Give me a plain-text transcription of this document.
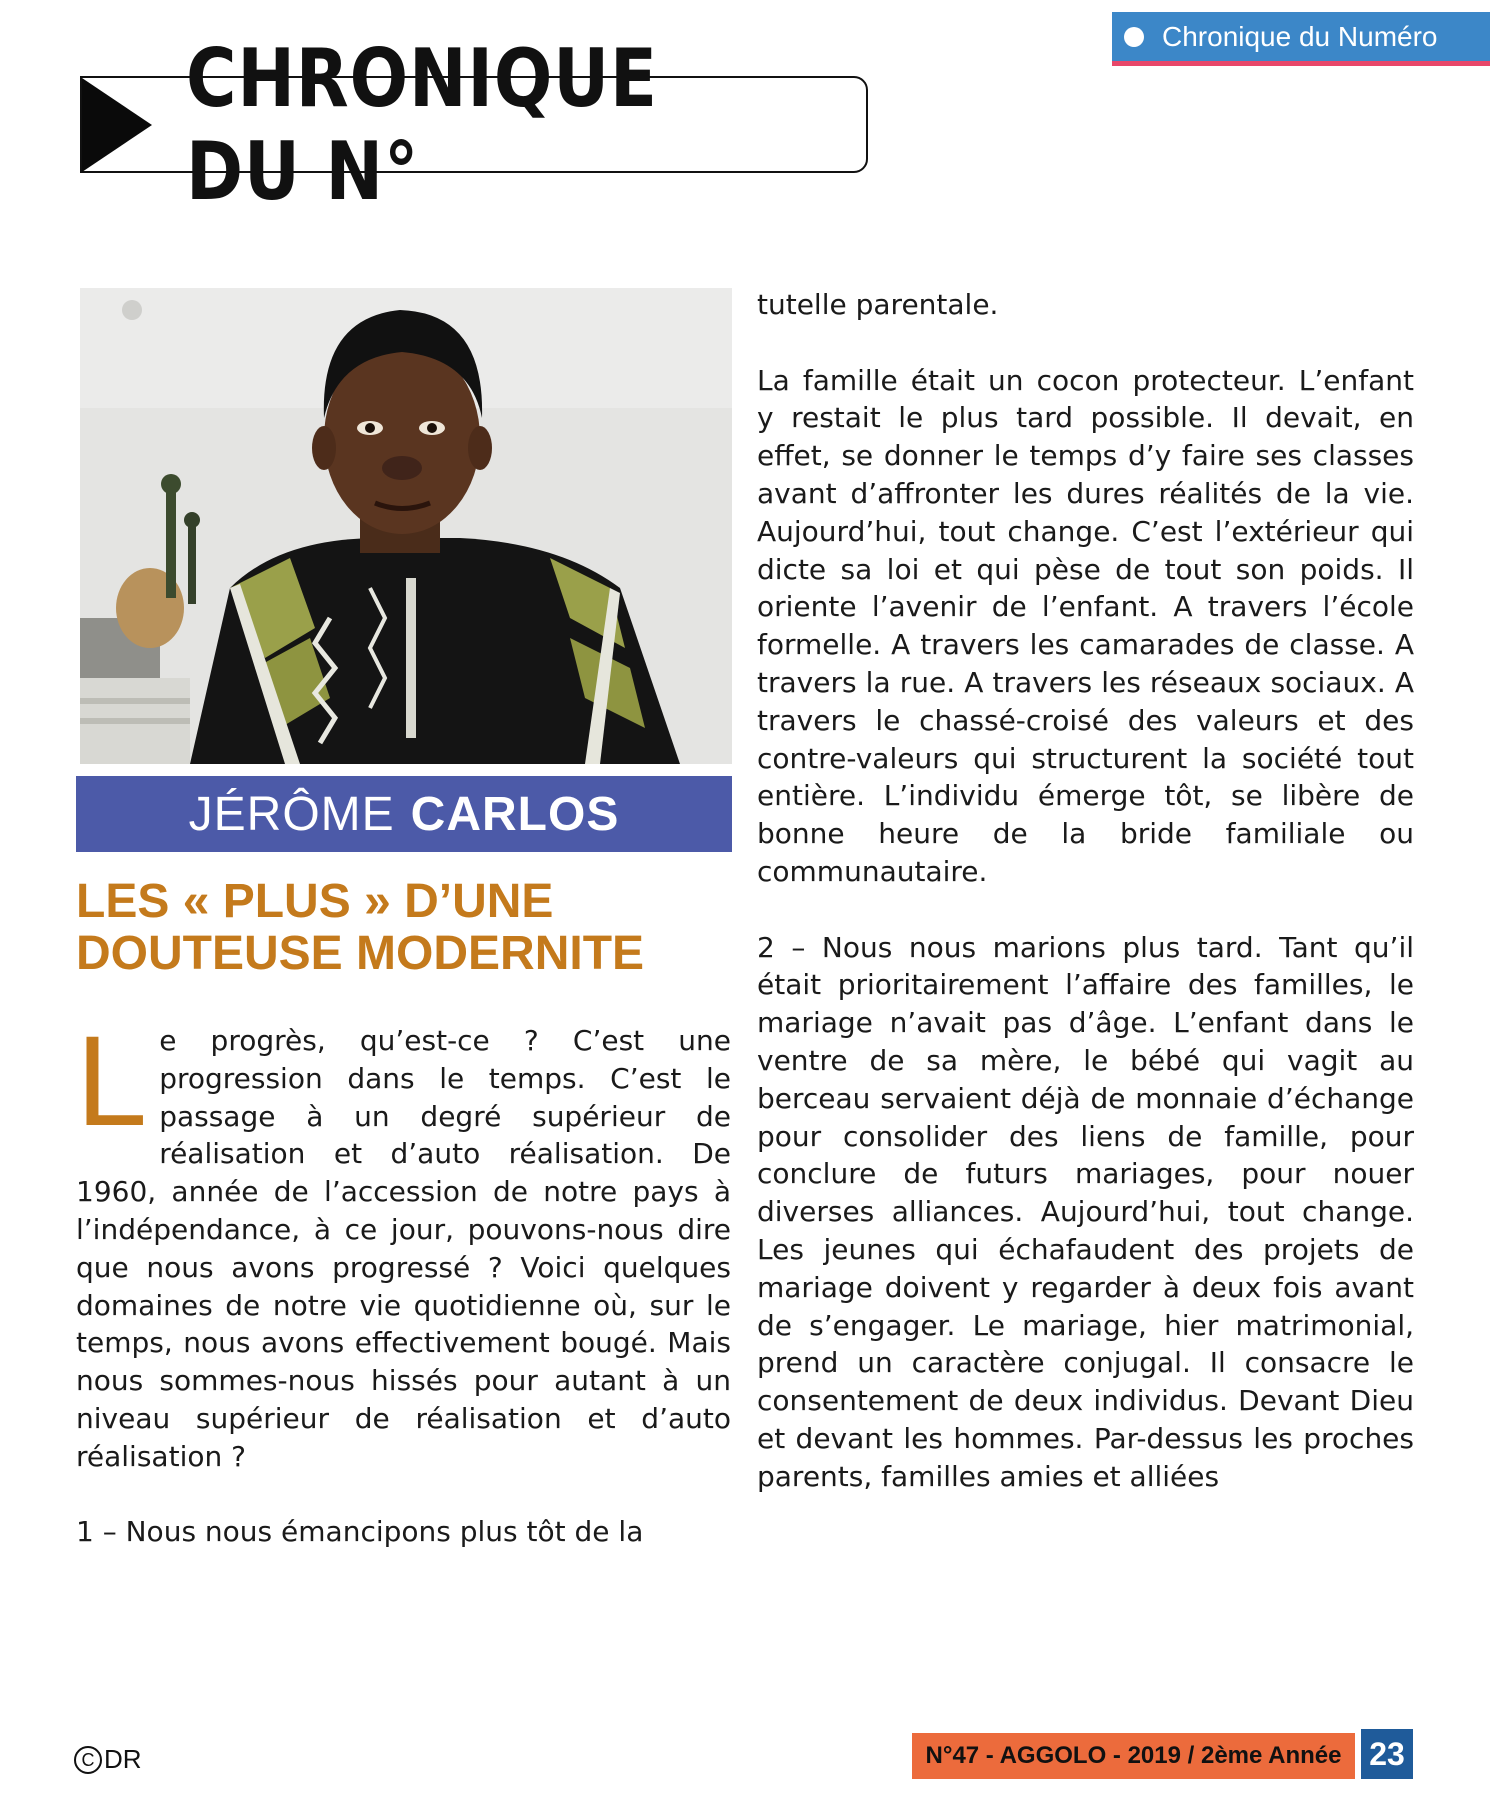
Chronique du Numéro
CHRONIQUE DU N°
JÉRÔME CARLOS
LES « PLUS » D’UNE DOUTEUSE MODERNITE

Le progrès, qu’est-ce ? C’est une progression dans le temps. C’est le passage à un degré supérieur de réalisation et d’auto réalisation. De 1960, année de l’accession de notre pays à l’indépendance, à ce jour, pouvons-nous dire que nous avons progressé ? Voici quelques domaines de notre vie quotidienne où, sur le temps, nous avons effectivement bougé. Mais nous sommes-nous hissés pour autant à un niveau supérieur de réalisation et d’auto réalisation ?

1 – Nous nous émancipons plus tôt de la

tutelle parentale.

La famille était un cocon protecteur. L’enfant y restait le plus tard possible. Il devait, en effet, se donner le temps d’y faire ses classes avant d’affronter les dures réalités de la vie. Aujourd’hui, tout change. C’est l’extérieur qui dicte sa loi et qui pèse de tout son poids. Il oriente l’avenir de l’enfant. A travers l’école formelle. A travers les camarades de classe. A travers la rue. A travers les réseaux sociaux. A travers le chassé-croisé des valeurs et des contre-valeurs qui structurent la société tout entière. L’individu émerge tôt, se libère de bonne heure de la bride familiale ou communautaire.

2 – Nous nous marions plus tard. Tant qu’il était prioritairement l’affaire des familles, le mariage n’avait pas d’âge. L’enfant dans le ventre de sa mère, le bébé qui vagit au berceau servaient déjà de monnaie d’échange pour consolider des liens de famille, pour conclure de futurs mariages, pour nouer diverses alliances. Aujourd’hui, tout change. Les jeunes qui échafaudent des projets de mariage doivent y regarder à deux fois avant de s’engager. Le mariage, hier matrimonial, prend un caractère conjugal. Il consacre le consentement de deux individus. Devant Dieu et devant les hommes. Par-dessus les proches parents, familles amies et alliées

C DR	N°47 - AGGOLO - 2019 / 2ème Année 23
